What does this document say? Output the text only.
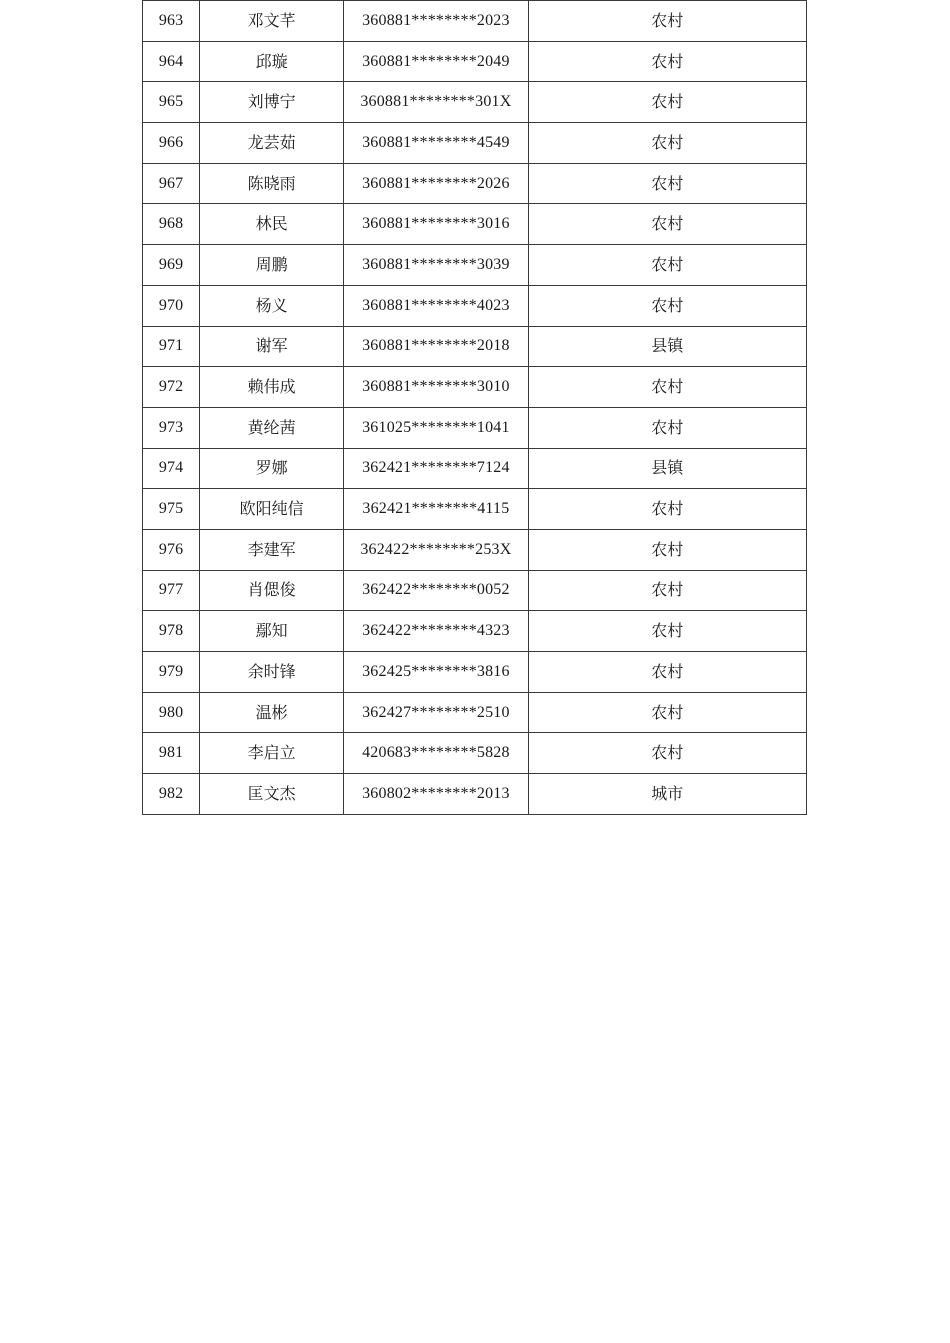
963	邓文芊	360881********2023	农村
964	邱璇	360881********2049	农村
965	刘博宁	360881********301X	农村
966	龙芸茹	360881********4549	农村
967	陈晓雨	360881********2026	农村
968	林民	360881********3016	农村
969	周鹏	360881********3039	农村
970	杨义	360881********4023	农村
971	谢军	360881********2018	县镇
972	赖伟成	360881********3010	农村
973	黄纶茜	361025********1041	农村
974	罗娜	362421********7124	县镇
975	欧阳纯信	362421********4115	农村
976	李建军	362422********253X	农村
977	肖偲俊	362422********0052	农村
978	鄢知	362422********4323	农村
979	余时锋	362425********3816	农村
980	温彬	362427********2510	农村
981	李启立	420683********5828	农村
982	匡文杰	360802********2013	城市
